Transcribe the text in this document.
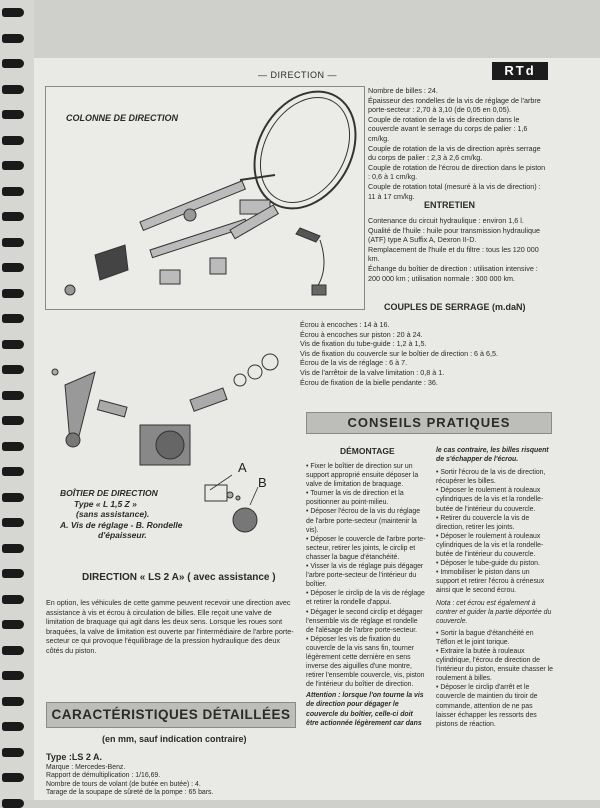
— DIRECTION —	RTd
COLONNE DE DIRECTION
A
B
BOÎTIER DE DIRECTION
Type « L 1,5 Z »
(sans assistance).
A. Vis de réglage - B. Rondelle
d'épaisseur.

Nombre de billes : 24.

Épaisseur des rondelles de la vis de réglage de l'arbre porte-secteur : 2,70 à 3,10 (de 0,05 en 0,05).

Couple de rotation de la vis de direction dans le couvercle avant le serrage du corps de palier : 1,6 cm/kg.

Couple de rotation de la vis de direction après serrage du corps de palier : 2,3 à 2,6 cm/kg.

Couple de rotation de l'écrou de direction dans le piston : 0,6 à 1 cm/kg.

Couple de rotation total (mesuré à la vis de direction) : 11 à 17 cm/kg.

ENTRETIEN

Contenance du circuit hydraulique : environ 1,6 l.

Qualité de l'huile : huile pour transmission hydraulique (ATF) type A Suffix A, Dexron II-D.

Remplacement de l'huile et du filtre : tous les 120 000 km.

Échange du boîtier de direction : utilisation intensive : 200 000 km ; utilisation normale : 300 000 km.

COUPLES DE SERRAGE (m.daN)

Écrou à encoches : 14 à 16.

Écrou à encoches sur piston : 20 à 24.

Vis de fixation du tube-guide : 1,2 à 1,5.

Vis de fixation du couvercle sur le boîtier de direction : 6 à 6,5.

Écrou de la vis de réglage : 6 à 7.

Vis de l'arrêtoir de la valve limitation : 0,8 à 1.

Écrou de fixation de la bielle pendante : 36.

CONSEILS PRATIQUES
DÉMONTAGE

• Fixer le boîtier de direction sur un support approprié ensuite déposer la valve de limitation de braquage.

• Tourner la vis de direction et la positionner au point-milieu.

• Déposer l'écrou de la vis du réglage de l'arbre porte-secteur (maintenir la vis).

• Déposer le couvercle de l'arbre porte-secteur, retirer les joints, le circlip et chasser la bague d'étanchéité.

• Visser la vis de réglage puis dégager l'arbre porte-secteur de l'intérieur du boîtier.

• Déposer le circlip de la vis de réglage et retirer la rondelle d'appui.

• Dégager le second circlip et dégager l'ensemble vis de réglage et rondelle de l'alésage de l'arbre porte-secteur.

• Déposer les vis de fixation du couvercle de la vis sans fin, tourner légèrement cette dernière en sens inverse des aiguilles d'une montre, retirer l'ensemble couvercle, vis, piston de l'intérieur du boîtier de direction.

Attention : lorsque l'on tourne la vis de direction pour dégager le couvercle du boîtier, celle-ci doit être actionnée légèrement car dans

le cas contraire, les billes risquent de s'échapper de l'écrou.

• Sortir l'écrou de la vis de direction, récupérer les billes.

• Déposer le roulement à rouleaux cylindriques de la vis et la rondelle-butée de l'intérieur du couvercle.

• Retirer du couvercle la vis de direction, retirer les joints.

• Déposer le roulement à rouleaux cylindriques de la vis et la rondelle-butée de l'intérieur du couvercle.

• Déposer le tube-guide du piston.

• Immobiliser le piston dans un support et retirer l'écrou à crénesux ainsi que le second écrou.

Nota : cet écrou est également à contrer et guider la partie déportée du couvercle.

• Sortir la bague d'étanchéité en Téflon et le joint torique.

• Extraire la butée à rouleaux cylindrique, l'écrou de direction de l'intérieur du piston, ensuite chasser le roulement à billes.

• Déposer le circlip d'arrêt et le couvercle de maintien du tiroir de commande, attention de ne pas laisser échapper les ressorts des pistons de réaction.

DIRECTION « LS 2 A» ( avec assistance )
En option, les véhicules de cette gamme peuvent recevoir une direction avec assistance à vis et écrou à circulation de billes. Elle reçoit une valve de limitation de braquage qui agit dans les deux sens. Lorsque les roues sont braquées, la valve de limitation est ouverte par l'intermédiaire de l'arbre porte-secteur ce qui provoque l'équilibrage de la pression hydraulique des deux côtés du piston.
CARACTÉRISTIQUES DÉTAILLÉES
(en mm, sauf indication contraire)
Type :LS 2 A.

Marque : Mercedes-Benz.

Rapport de démultiplication : 1/16,69.

Nombre de tours de volant (de butée en butée) : 4.

Tarage de la soupape de sûreté de la pompe : 65 bars.
